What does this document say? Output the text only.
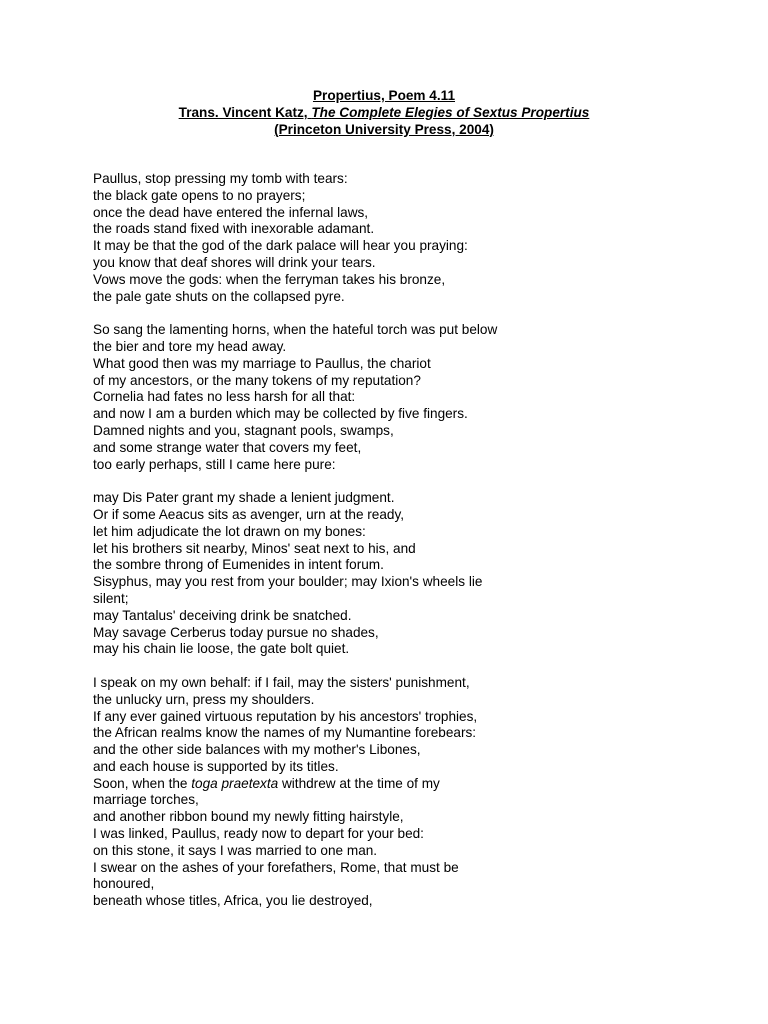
Propertius, Poem 4.11
Trans. Vincent Katz, The Complete Elegies of Sextus Propertius
(Princeton University Press, 2004)
Paullus, stop pressing my tomb with tears:
the black gate opens to no prayers;
once the dead have entered the infernal laws,
the roads stand fixed with inexorable adamant.
It may be that the god of the dark palace will hear you praying:
you know that deaf shores will drink your tears.
Vows move the gods: when the ferryman takes his bronze,
the pale gate shuts on the collapsed pyre.
So sang the lamenting horns, when the hateful torch was put below
the bier and tore my head away.
What good then was my marriage to Paullus, the chariot
of my ancestors, or the many tokens of my reputation?
Cornelia had fates no less harsh for all that:
and now I am a burden which may be collected by five fingers.
Damned nights and you, stagnant pools, swamps,
and some strange water that covers my feet,
too early perhaps, still I came here pure:
may Dis Pater grant my shade a lenient judgment.
Or if some Aeacus sits as avenger, urn at the ready,
let him adjudicate the lot drawn on my bones:
let his brothers sit nearby, Minos' seat next to his, and
the sombre throng of Eumenides in intent forum.
Sisyphus, may you rest from your boulder; may Ixion's wheels lie
silent;
may Tantalus' deceiving drink be snatched.
May savage Cerberus today pursue no shades,
may his chain lie loose, the gate bolt quiet.
I speak on my own behalf: if I fail, may the sisters' punishment,
the unlucky urn, press my shoulders.
If any ever gained virtuous reputation by his ancestors' trophies,
the African realms know the names of my Numantine forebears:
and the other side balances with my mother's Libones,
and each house is supported by its titles.
Soon, when the toga praetexta withdrew at the time of my
marriage torches,
and another ribbon bound my newly fitting hairstyle,
I was linked, Paullus, ready now to depart for your bed:
on this stone, it says I was married to one man.
I swear on the ashes of your forefathers, Rome, that must be
honoured,
beneath whose titles, Africa, you lie destroyed,
